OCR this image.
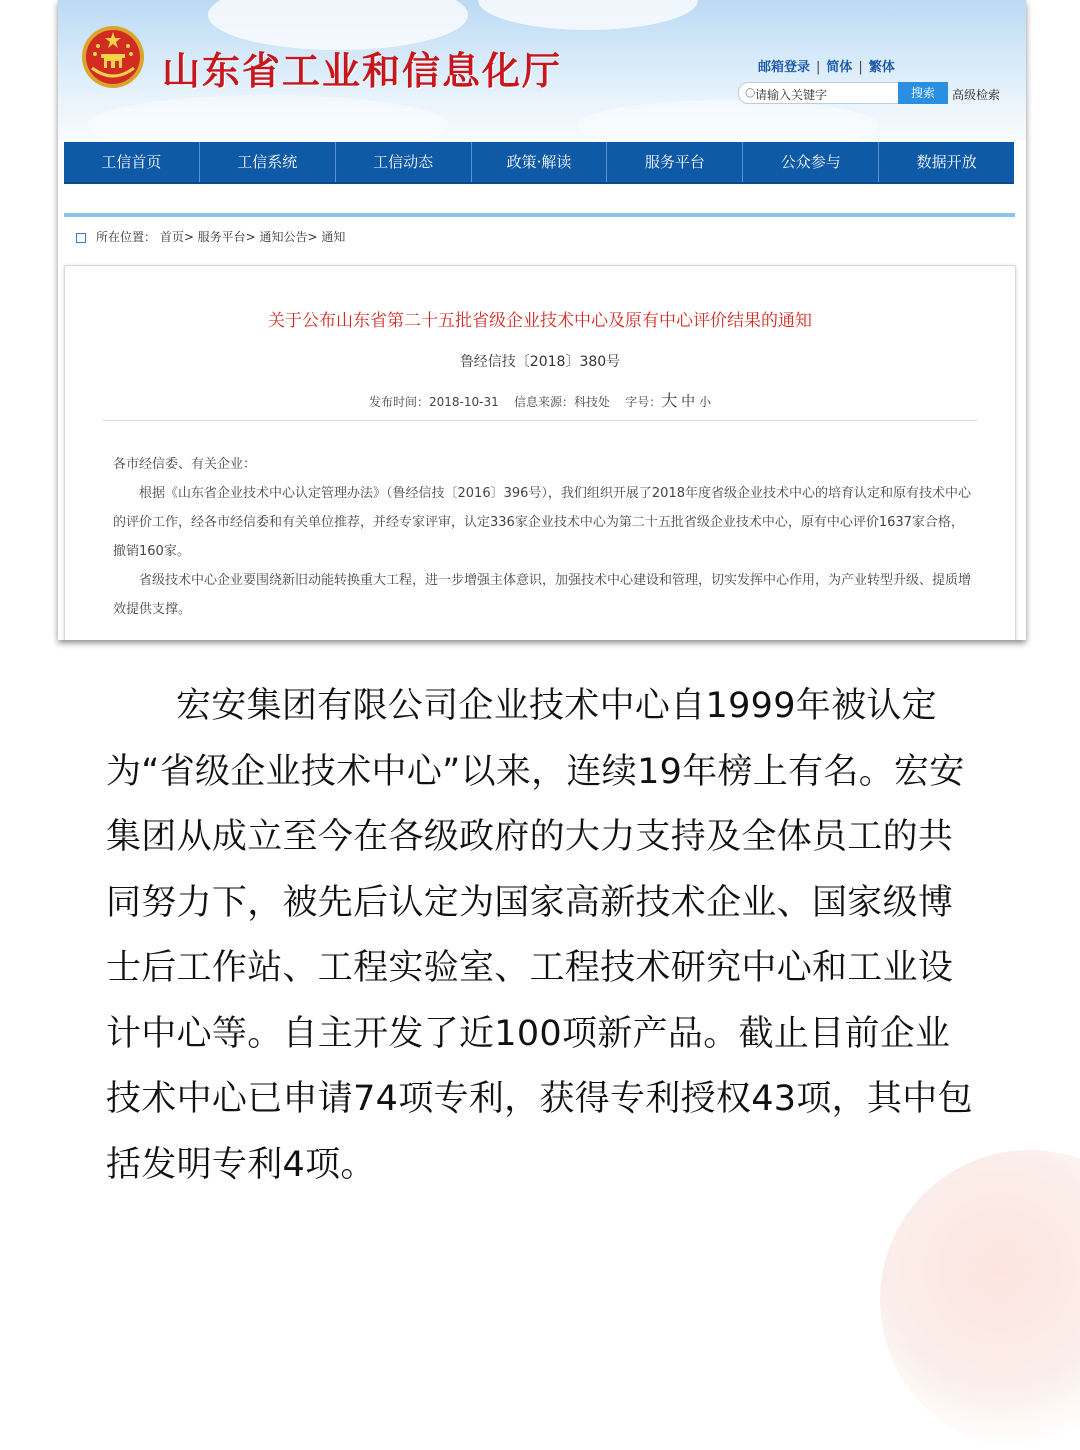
山东省工业和信息化厅	邮箱登录 | 简体 | 繁体
○ 请输入关键字	搜索	高级检索
工信首页	工信系统	工信动态	政策·解读	服务平台	公众参与	数据开放
所在位置： 首页> 服务平台> 通知公告> 通知
关于公布山东省第二十五批省级企业技术中心及原有中心评价结果的通知
鲁经信技〔2018〕380号
发布时间：2018-10-31 信息来源：科技处 字号：大 中 小

各市经信委、有关企业：

根据《山东省企业技术中心认定管理办法》（鲁经信技〔2016〕396号），我们组织开展了2018年度省级企业技术中心的培育认定和原有技术中心的评价工作，经各市经信委和有关单位推荐，并经专家评审，认定336家企业技术中心为第二十五批省级企业技术中心，原有中心评价1637家合格，撤销160家。

省级技术中心企业要围绕新旧动能转换重大工程，进一步增强主体意识，加强技术中心建设和管理，切实发挥中心作用，为产业转型升级、提质增效提供支撑。

宏安集团有限公司企业技术中心自1999年被认定为“省级企业技术中心”以来，连续19年榜上有名。宏安集团从成立至今在各级政府的大力支持及全体员工的共同努力下，被先后认定为国家高新技术企业、国家级博士后工作站、工程实验室、工程技术研究中心和工业设计中心等。自主开发了近100项新产品。截止目前企业技术中心已申请74项专利，获得专利授权43项，其中包括发明专利4项。
